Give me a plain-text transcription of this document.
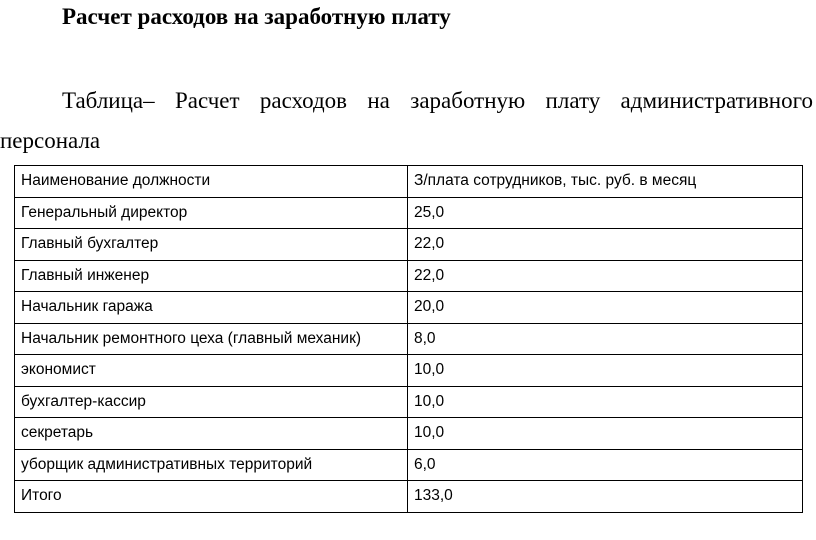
Расчет расходов на заработную плату
Таблица– Расчет расходов на заработную плату административного
персонала
Наименование должности	З/плата сотрудников, тыс. руб. в месяц
Генеральный директор	25,0
Главный бухгалтер	22,0
Главный инженер	22,0
Начальник гаража	20,0
Начальник ремонтного цеха (главный механик)	8,0
экономист	10,0
бухгалтер-кассир	10,0
секретарь	10,0
уборщик административных территорий	6,0
Итого	133,0
